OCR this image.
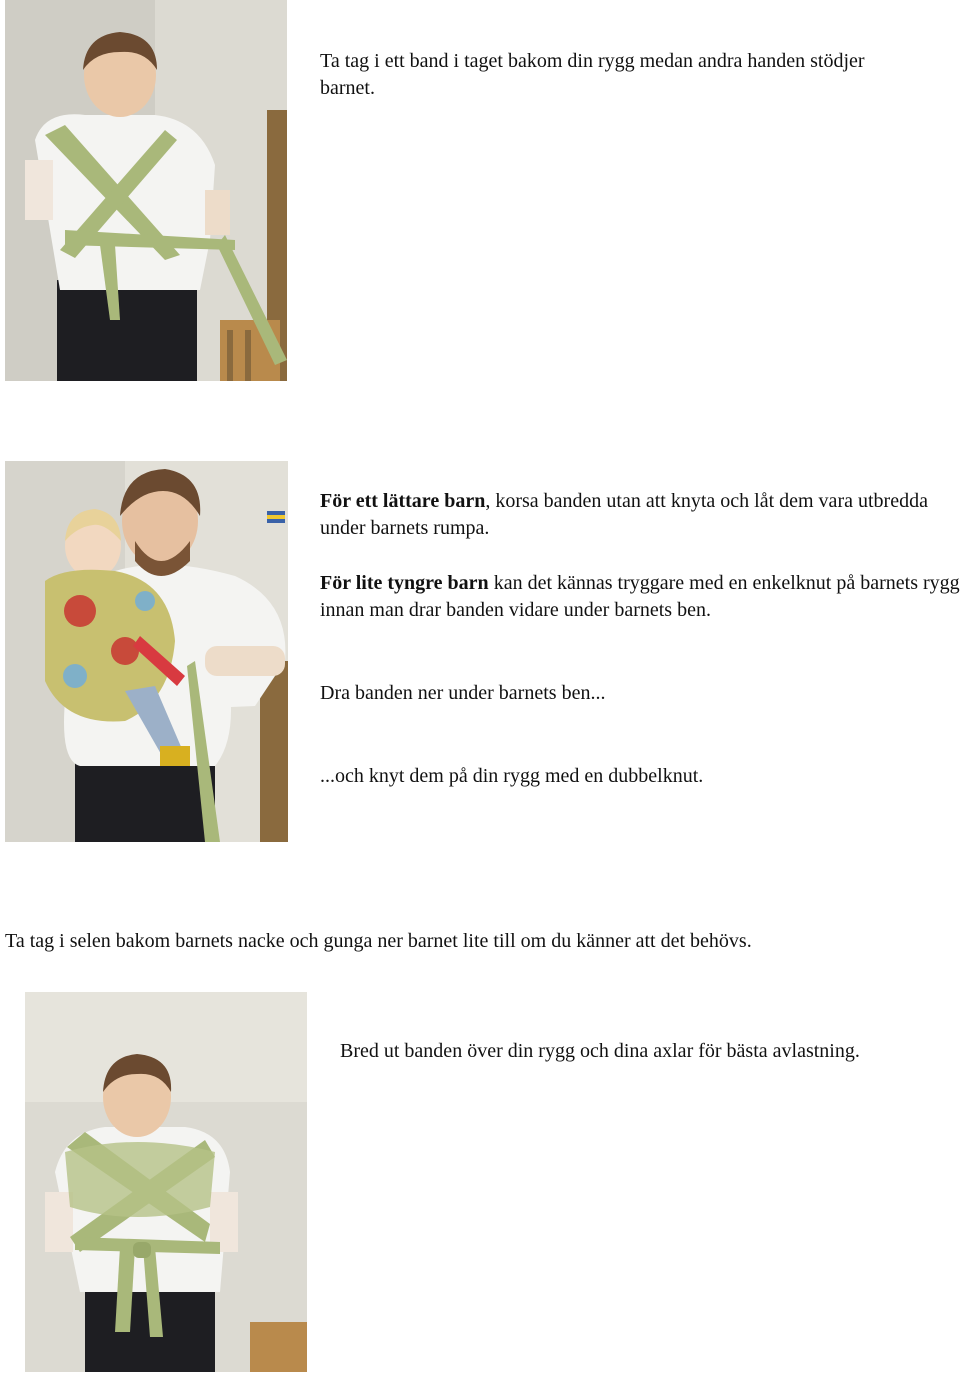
Ta tag i ett band i taget bakom din rygg medan andra handen stödjer barnet.

För ett lättare barn, korsa banden utan att knyta och låt dem vara utbredda under barnets rumpa.

För lite tyngre barn kan det kännas tryggare med en enkelknut på barnets rygg innan man drar banden vidare under barnets ben.

Dra banden ner under barnets ben...

...och knyt dem på din rygg med en dubbelknut.

Ta tag i selen bakom barnets nacke och gunga ner barnet lite till om du känner att det behövs.

Bred ut banden över din rygg och dina axlar för bästa avlastning.
